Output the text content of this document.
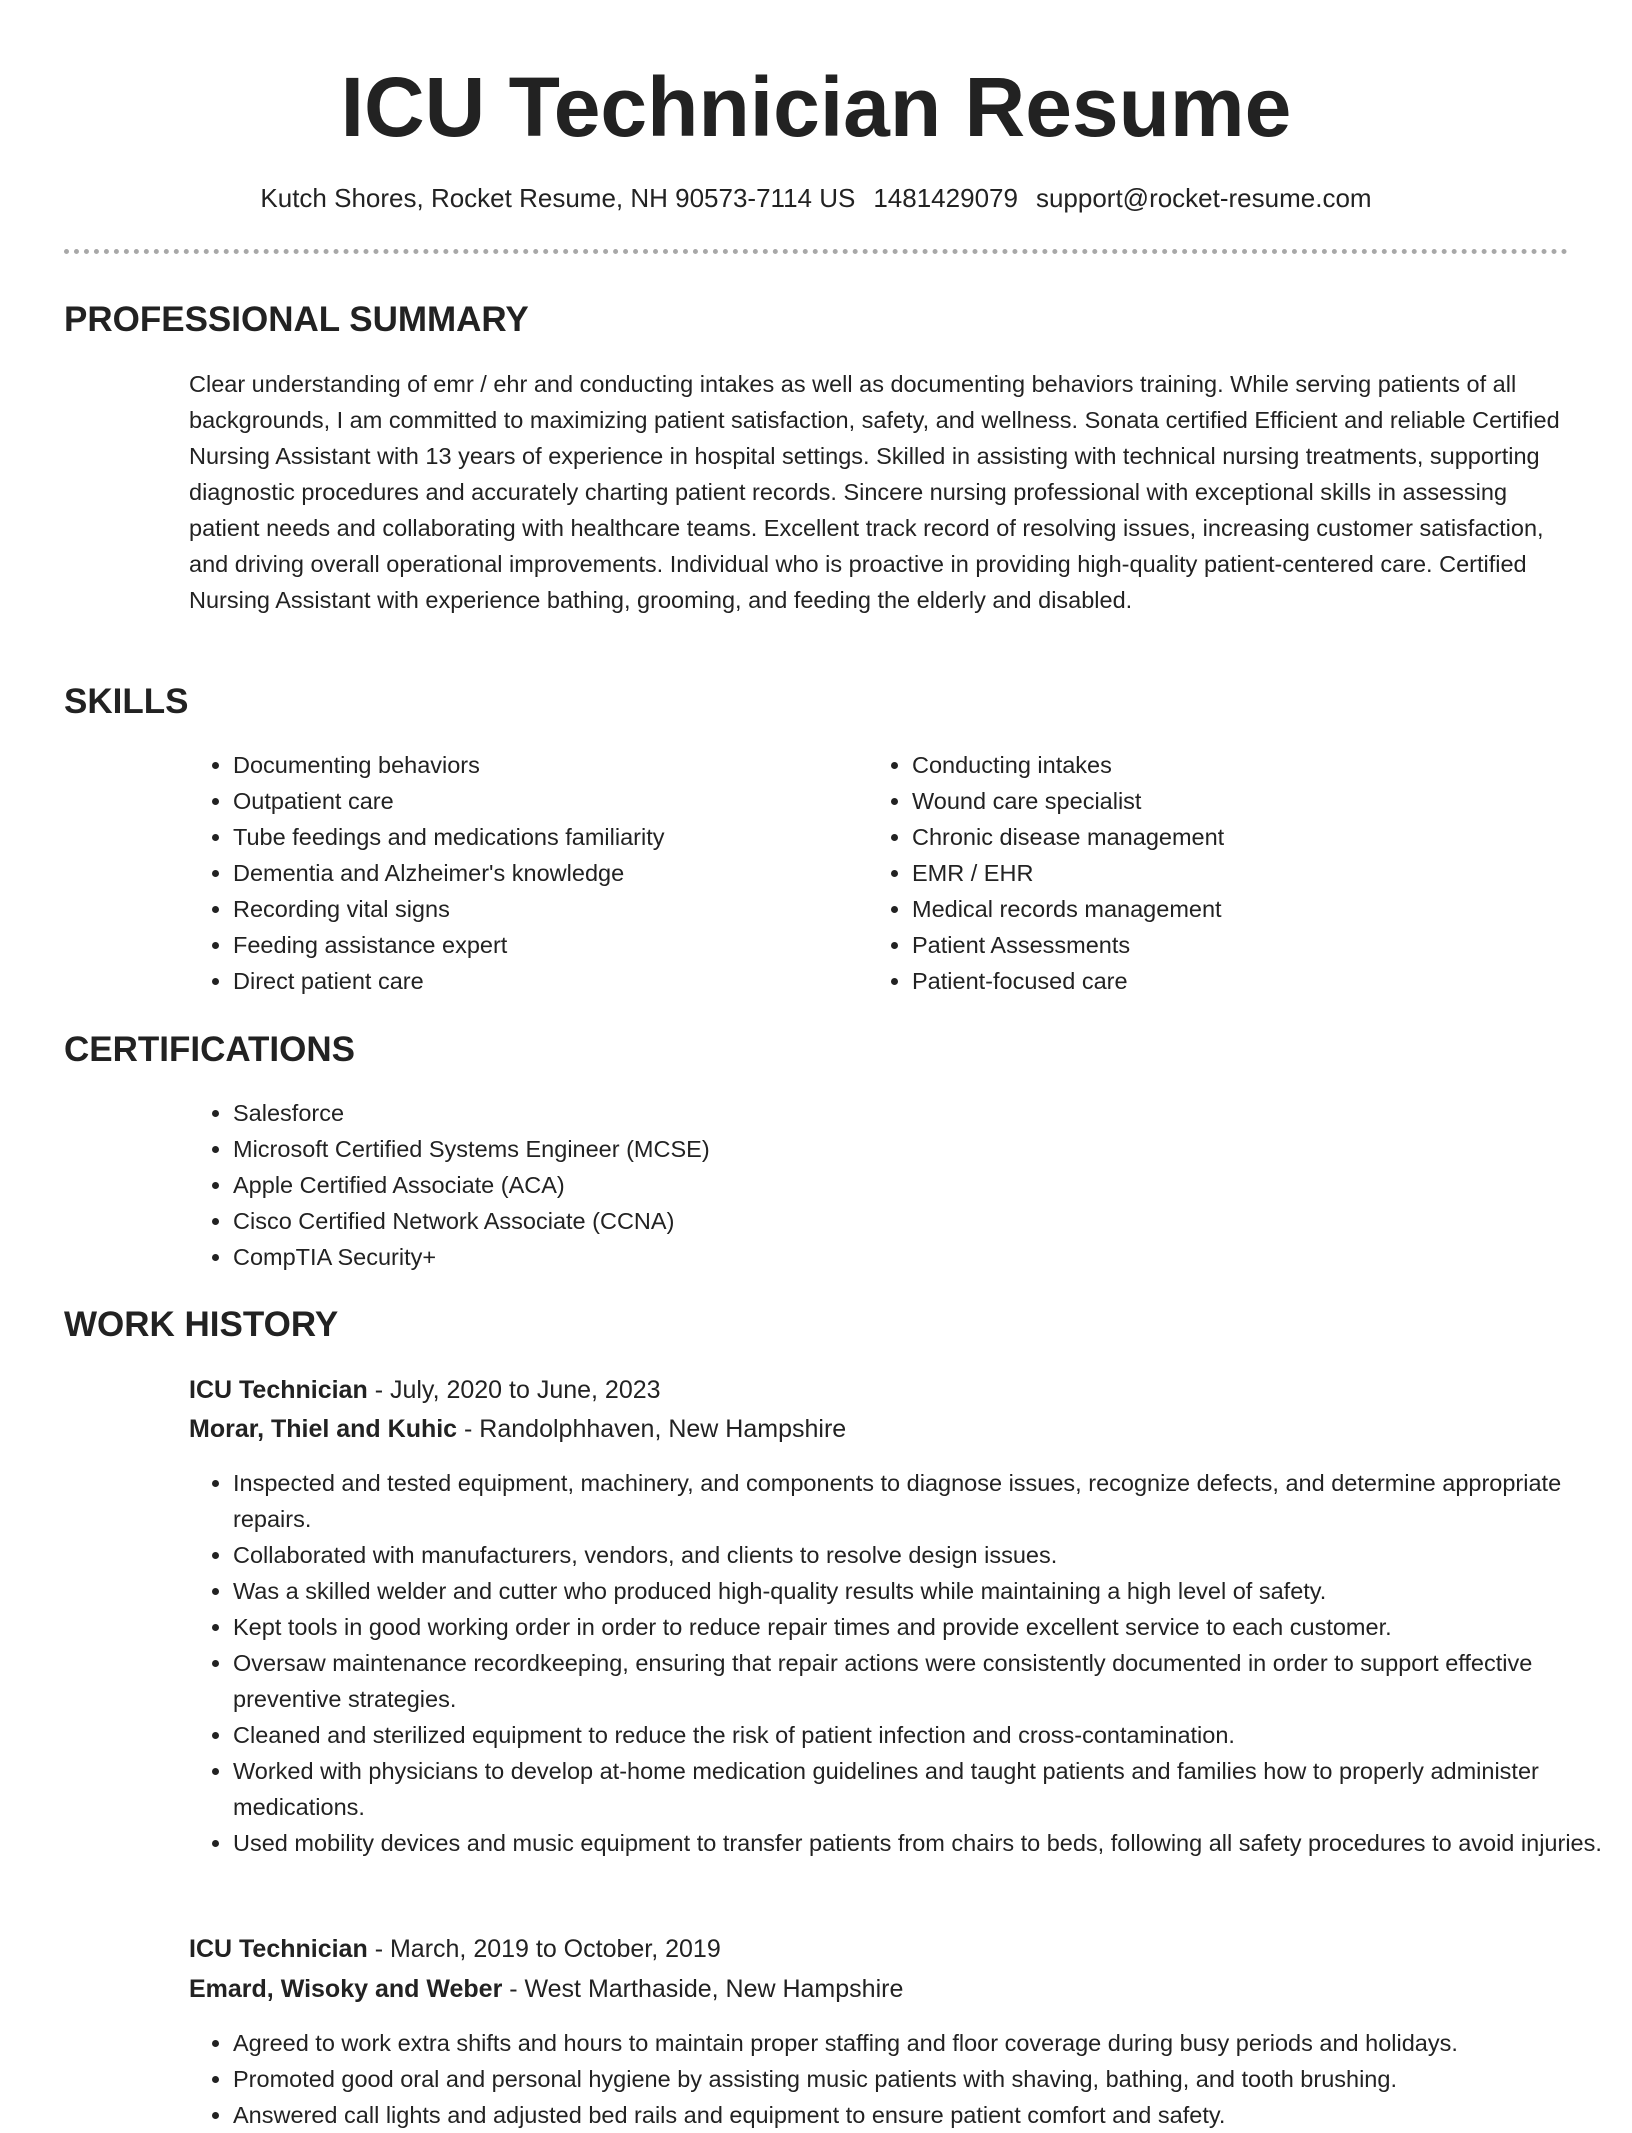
ICU Technician Resume
Kutch Shores, Rocket Resume, NH 90573-7114 US 1481429079 support@rocket-resume.com
PROFESSIONAL SUMMARY

Clear understanding of emr / ehr and conducting intakes as well as documenting behaviors training. While serving patients of all backgrounds, I am committed to maximizing patient satisfaction, safety, and wellness. Sonata certified Efficient and reliable Certified Nursing Assistant with 13 years of experience in hospital settings. Skilled in assisting with technical nursing treatments, supporting diagnostic procedures and accurately charting patient records. Sincere nursing professional with exceptional skills in assessing patient needs and collaborating with healthcare teams. Excellent track record of resolving issues, increasing customer satisfaction, and driving overall operational improvements. Individual who is proactive in providing high-quality patient-centered care. Certified Nursing Assistant with experience bathing, grooming, and feeding the elderly and disabled.

SKILLS
• Documenting behaviors
• Outpatient care
• Tube feedings and medications familiarity
• Dementia and Alzheimer's knowledge
• Recording vital signs
• Feeding assistance expert
• Direct patient care
• Conducting intakes
• Wound care specialist
• Chronic disease management
• EMR / EHR
• Medical records management
• Patient Assessments
• Patient-focused care
CERTIFICATIONS
• Salesforce
• Microsoft Certified Systems Engineer (MCSE)
• Apple Certified Associate (ACA)
• Cisco Certified Network Associate (CCNA)
• CompTIA Security+
WORK HISTORY

ICU Technician - July, 2020 to June, 2023

Morar, Thiel and Kuhic - Randolphhaven, New Hampshire

• Inspected and tested equipment, machinery, and components to diagnose issues, recognize defects, and determine appropriate repairs.
• Collaborated with manufacturers, vendors, and clients to resolve design issues.
• Was a skilled welder and cutter who produced high-quality results while maintaining a high level of safety.
• Kept tools in good working order in order to reduce repair times and provide excellent service to each customer.
• Oversaw maintenance recordkeeping, ensuring that repair actions were consistently documented in order to support effective preventive strategies.
• Cleaned and sterilized equipment to reduce the risk of patient infection and cross-contamination.
• Worked with physicians to develop at-home medication guidelines and taught patients and families how to properly administer medications.
• Used mobility devices and music equipment to transfer patients from chairs to beds, following all safety procedures to avoid injuries.

ICU Technician - March, 2019 to October, 2019

Emard, Wisoky and Weber - West Marthaside, New Hampshire

• Agreed to work extra shifts and hours to maintain proper staffing and floor coverage during busy periods and holidays.
• Promoted good oral and personal hygiene by assisting music patients with shaving, bathing, and tooth brushing.
• Answered call lights and adjusted bed rails and equipment to ensure patient comfort and safety.
